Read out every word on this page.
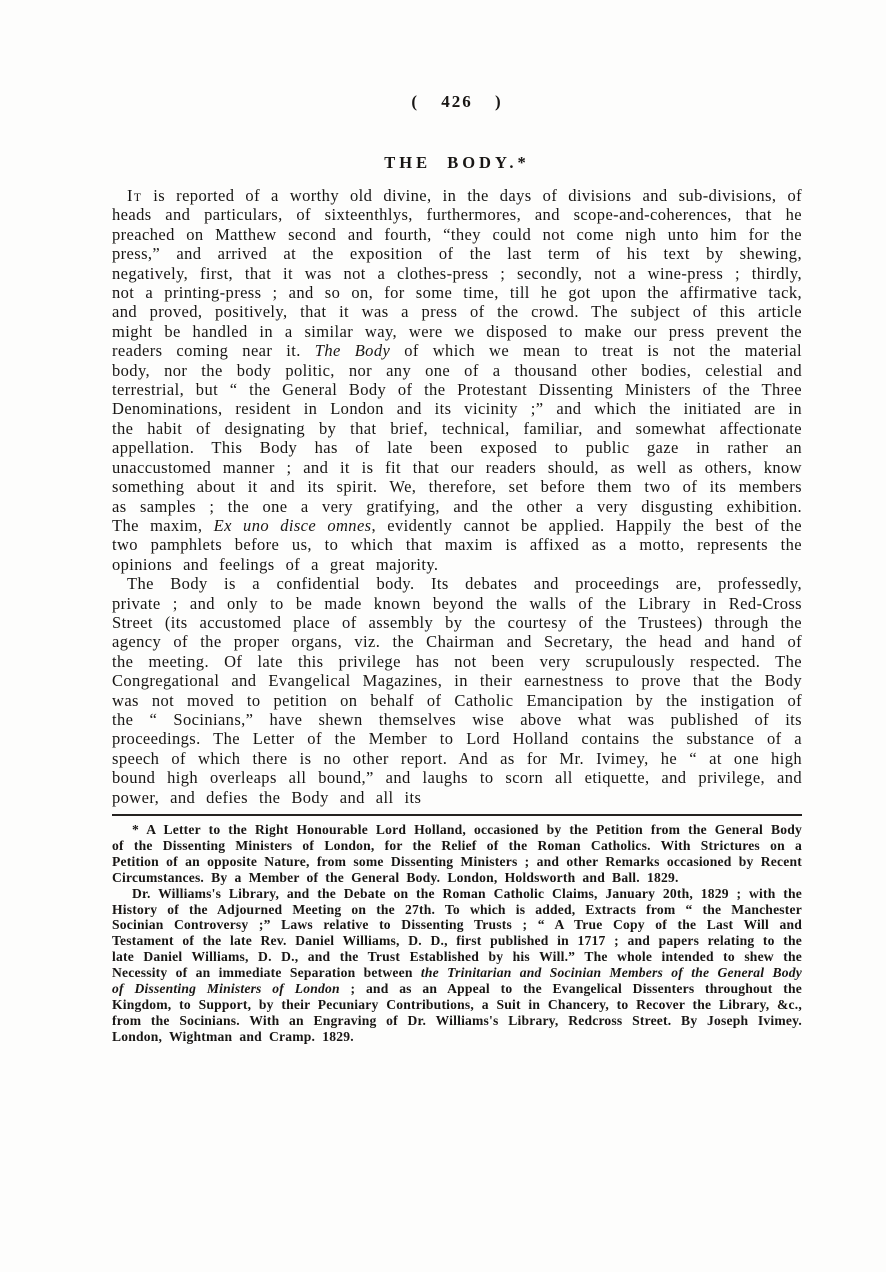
( 426 )
THE BODY.*

It is reported of a worthy old divine, in the days of divisions and sub-divisions, of heads and particulars, of sixteenthlys, furthermores, and scope-and-coherences, that he preached on Matthew second and fourth, “they could not come nigh unto him for the press,” and arrived at the exposition of the last term of his text by shewing, negatively, first, that it was not a clothes-press ; secondly, not a wine-press ; thirdly, not a printing-press ; and so on, for some time, till he got upon the affirmative tack, and proved, positively, that it was a press of the crowd. The subject of this article might be handled in a similar way, were we disposed to make our press prevent the readers coming near it. The Body of which we mean to treat is not the material body, nor the body politic, nor any one of a thousand other bodies, celestial and terrestrial, but “ the General Body of the Protestant Dissenting Ministers of the Three Denominations, resident in London and its vicinity ;” and which the initiated are in the habit of designating by that brief, technical, familiar, and somewhat affectionate appellation. This Body has of late been exposed to public gaze in rather an unaccustomed manner ; and it is fit that our readers should, as well as others, know something about it and its spirit. We, therefore, set before them two of its members as samples ; the one a very gratifying, and the other a very disgusting exhibition. The maxim, Ex uno disce omnes, evidently cannot be applied. Happily the best of the two pamphlets before us, to which that maxim is affixed as a motto, represents the opinions and feelings of a great majority.

The Body is a confidential body. Its debates and proceedings are, professedly, private ; and only to be made known beyond the walls of the Library in Red-Cross Street (its accustomed place of assembly by the courtesy of the Trustees) through the agency of the proper organs, viz. the Chairman and Secretary, the head and hand of the meeting. Of late this privilege has not been very scrupulously respected. The Congregational and Evangelical Magazines, in their earnestness to prove that the Body was not moved to petition on behalf of Catholic Emancipation by the instigation of the “ Socinians,” have shewn themselves wise above what was published of its proceedings. The Letter of the Member to Lord Holland contains the substance of a speech of which there is no other report. And as for Mr. Ivimey, he “ at one high bound high overleaps all bound,” and laughs to scorn all etiquette, and privilege, and power, and defies the Body and all its

* A Letter to the Right Honourable Lord Holland, occasioned by the Petition from the General Body of the Dissenting Ministers of London, for the Relief of the Roman Catholics. With Strictures on a Petition of an opposite Nature, from some Dissenting Ministers ; and other Remarks occasioned by Recent Circumstances. By a Member of the General Body. London, Holdsworth and Ball. 1829.

Dr. Williams's Library, and the Debate on the Roman Catholic Claims, January 20th, 1829 ; with the History of the Adjourned Meeting on the 27th. To which is added, Extracts from “ the Manchester Socinian Controversy ;” Laws relative to Dissenting Trusts ; “ A True Copy of the Last Will and Testament of the late Rev. Daniel Williams, D. D., first published in 1717 ; and papers relating to the late Daniel Williams, D. D., and the Trust Established by his Will.” The whole intended to shew the Necessity of an immediate Separation between the Trinitarian and Socinian Members of the General Body of Dissenting Ministers of London ; and as an Appeal to the Evangelical Dissenters throughout the Kingdom, to Support, by their Pecuniary Contributions, a Suit in Chancery, to Recover the Library, &c., from the Socinians. With an Engraving of Dr. Williams's Library, Redcross Street. By Joseph Ivimey. London, Wightman and Cramp. 1829.
